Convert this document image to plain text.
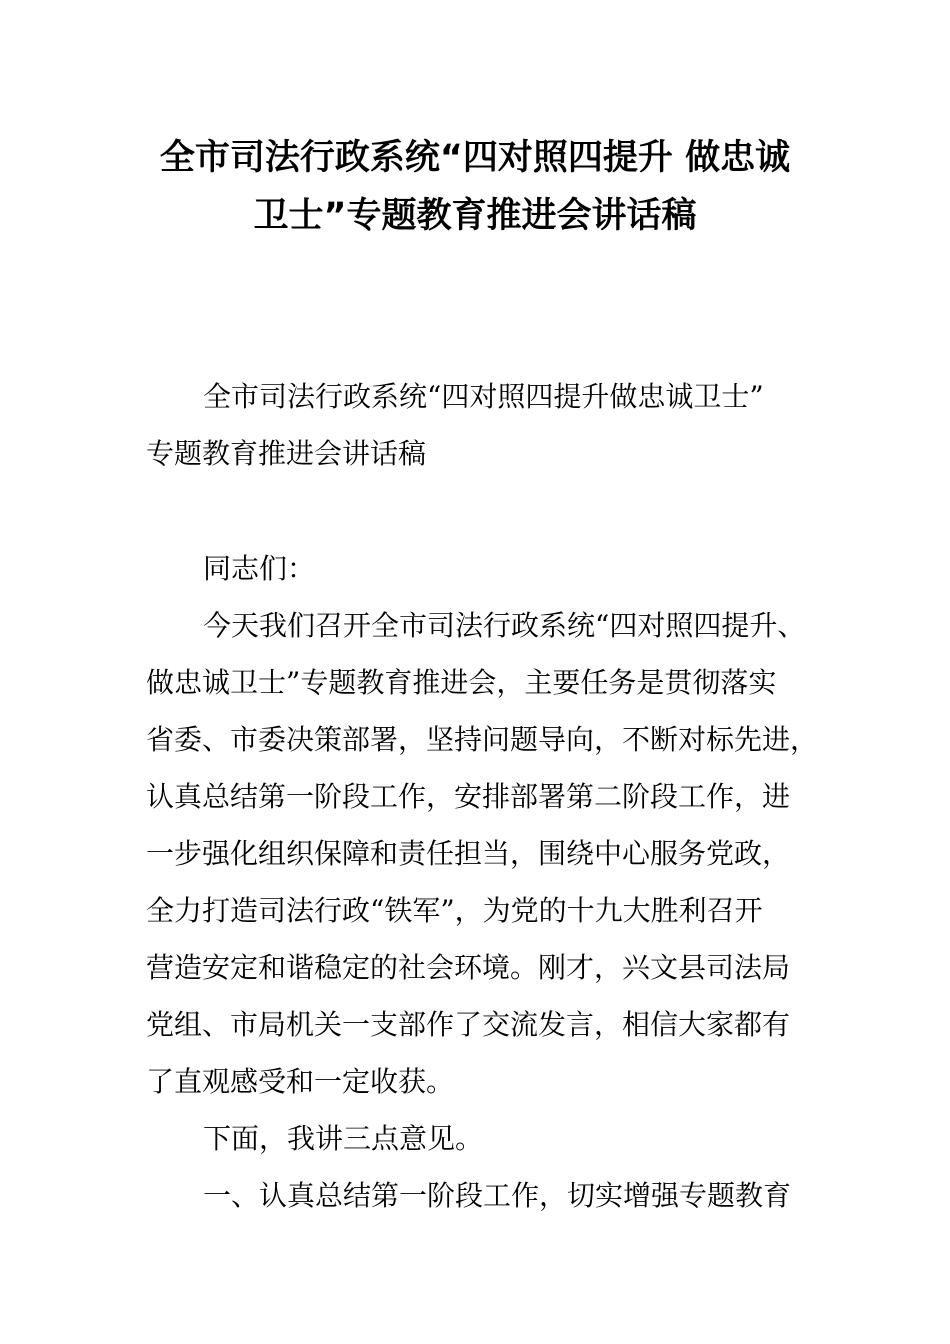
全市司法行政系统“四对照四提升 做忠诚
卫士”专题教育推进会讲话稿
全市司法行政系统“四对照四提升做忠诚卫士”
专题教育推进会讲话稿
同志们：
今天我们召开全市司法行政系统“四对照四提升、
做忠诚卫士”专题教育推进会，主要任务是贯彻落实
省委、市委决策部署，坚持问题导向，不断对标先进，
认真总结第一阶段工作，安排部署第二阶段工作，进
一步强化组织保障和责任担当，围绕中心服务党政，
全力打造司法行政“铁军”，为党的十九大胜利召开
营造安定和谐稳定的社会环境。刚才，兴文县司法局
党组、市局机关一支部作了交流发言，相信大家都有
了直观感受和一定收获。
下面，我讲三点意见。
一、认真总结第一阶段工作，切实增强专题教育
